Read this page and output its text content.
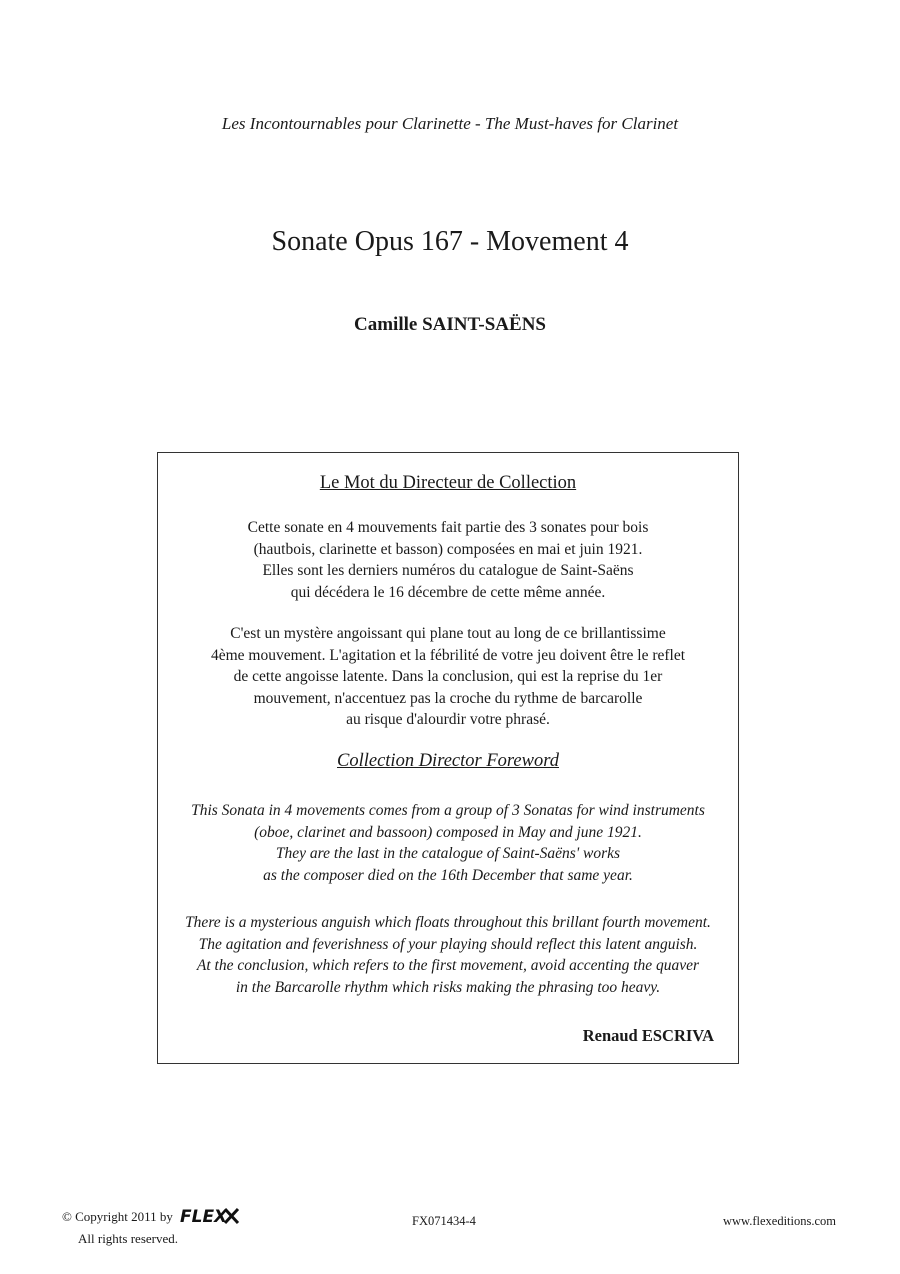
Les Incontournables pour Clarinette - The Must-haves for Clarinet
Sonate Opus 167 - Movement 4
Camille SAINT-SAËNS
Le Mot du Directeur de Collection
Cette sonate en 4 mouvements fait partie des 3 sonates pour bois
(hautbois, clarinette et basson) composées en mai et juin 1921.
Elles sont les derniers numéros du catalogue de Saint-Saëns
qui décédera le 16 décembre de cette même année.
C'est un mystère angoissant qui plane tout au long de ce brillantissime
4ème mouvement. L'agitation et la fébrilité de votre jeu doivent être le reflet
de cette angoisse latente. Dans la conclusion, qui est la reprise du 1er
mouvement, n'accentuez pas la croche du rythme de barcarolle
au risque d'alourdir votre phrasé.
Collection Director Foreword
This Sonata in 4 movements comes from a group of 3 Sonatas for wind instruments
(oboe, clarinet and bassoon) composed in May and june 1921.
They are the last in the catalogue of Saint-Saëns' works
as the composer died on the 16th December that same year.
There is a mysterious anguish which floats throughout this brillant fourth movement.
The agitation and feverishness of your playing should reflect this latent anguish.
At the conclusion, which refers to the first movement, avoid accenting the quaver
in the Barcarolle rhythm which risks making the phrasing too heavy.
Renaud ESCRIVA
© Copyright 2011 by FLEX
All rights reserved.
FX071434-4	www.flexeditions.com
